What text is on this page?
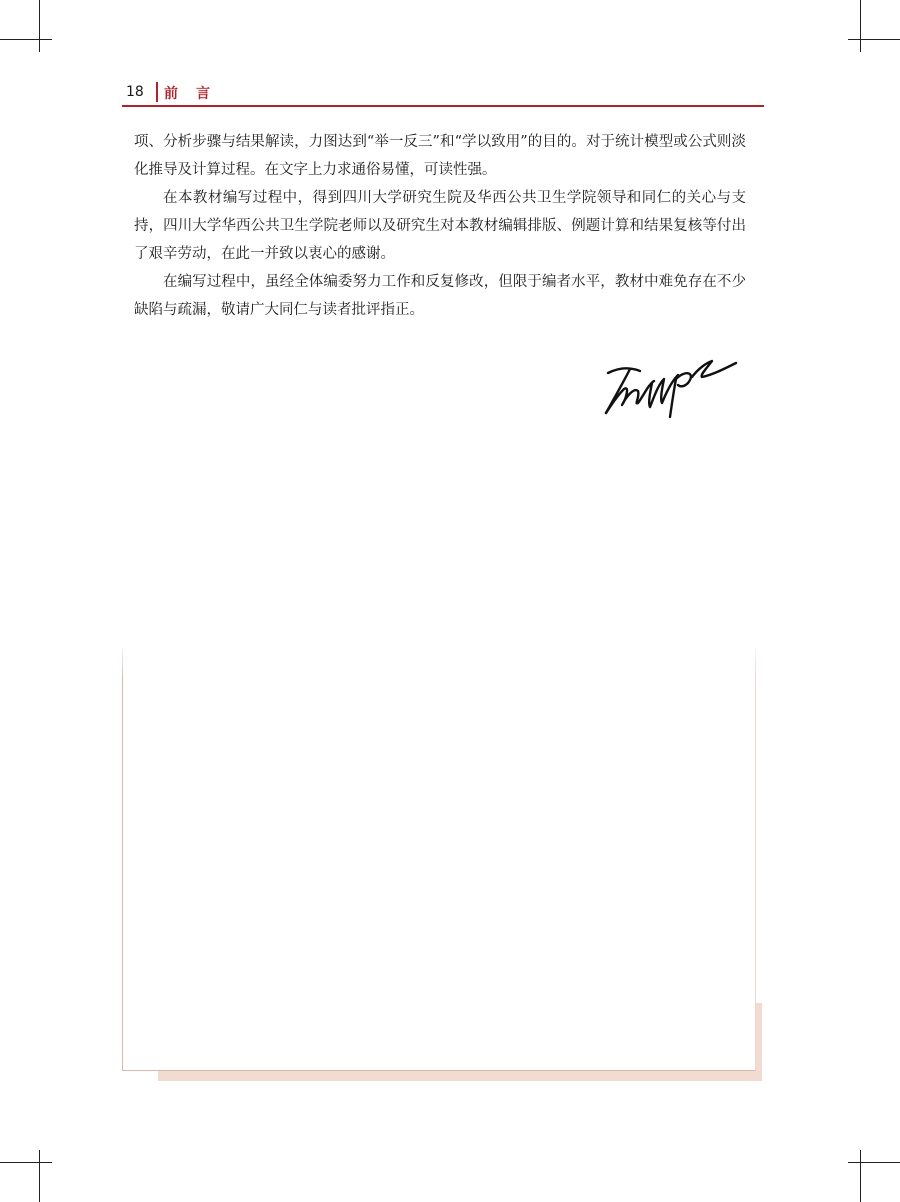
18 前言

项、分析步骤与结果解读，力图达到“举一反三”和“学以致用”的目的。对于统计模型或公式则淡化推导及计算过程。在文字上力求通俗易懂，可读性强。

在本教材编写过程中，得到四川大学研究生院及华西公共卫生学院领导和同仁的关心与支持，四川大学华西公共卫生学院老师以及研究生对本教材编辑排版、例题计算和结果复核等付出了艰辛劳动，在此一并致以衷心的感谢。

在编写过程中，虽经全体编委努力工作和反复修改，但限于编者水平，教材中难免存在不少缺陷与疏漏，敬请广大同仁与读者批评指正。
